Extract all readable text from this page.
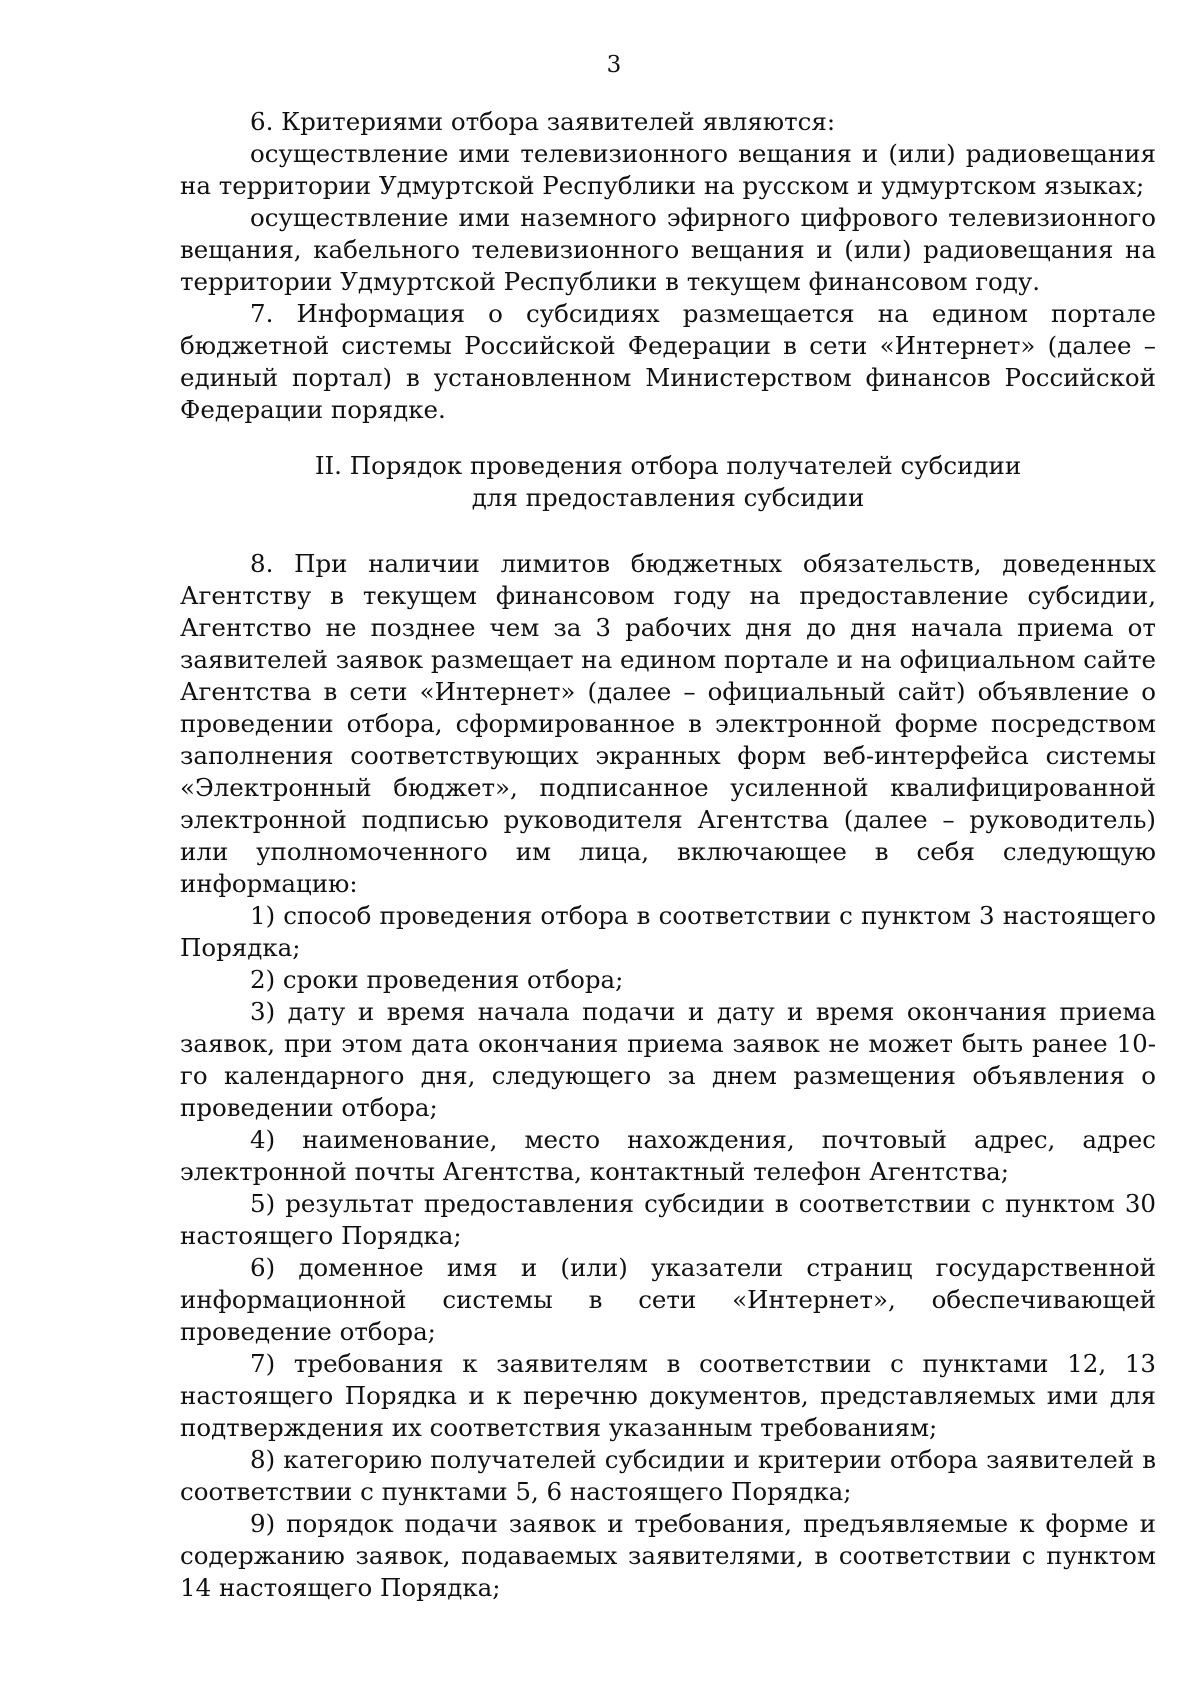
3

6. Критериями отбора заявителей являются:

осуществление ими телевизионного вещания и (или) радиовещания на территории Удмуртской Республики на русском и удмуртском языках;

осуществление ими наземного эфирного цифрового телевизионного вещания, кабельного телевизионного вещания и (или) радиовещания на территории Удмуртской Республики в текущем финансовом году.

7. Информация о субсидиях размещается на едином портале бюджетной системы Российской Федерации в сети «Интернет» (далее – единый портал) в установленном Министерством финансов Российской Федерации порядке.

II. Порядок проведения отбора получателей субсидии
для предоставления субсидии

8. При наличии лимитов бюджетных обязательств, доведенных Агентству в текущем финансовом году на предоставление субсидии, Агентство не позднее чем за 3 рабочих дня до дня начала приема от заявителей заявок размещает на едином портале и на официальном сайте Агентства в сети «Интернет» (далее – официальный сайт) объявление о проведении отбора, сформированное в электронной форме посредством заполнения соответствующих экранных форм веб-интерфейса системы «Электронный бюджет», подписанное усиленной квалифицированной электронной подписью руководителя Агентства (далее – руководитель) или уполномоченного им лица, включающее в себя следующую информацию:

1) способ проведения отбора в соответствии с пунктом 3 настоящего Порядка;

2) сроки проведения отбора;

3) дату и время начала подачи и дату и время окончания приема заявок, при этом дата окончания приема заявок не может быть ранее 10-го календарного дня, следующего за днем размещения объявления о проведении отбора;

4) наименование, место нахождения, почтовый адрес, адрес электронной почты Агентства, контактный телефон Агентства;

5) результат предоставления субсидии в соответствии с пунктом 30 настоящего Порядка;

6) доменное имя и (или) указатели страниц государственной информационной системы в сети «Интернет», обеспечивающей проведение отбора;

7) требования к заявителям в соответствии с пунктами 12, 13 настоящего Порядка и к перечню документов, представляемых ими для подтверждения их соответствия указанным требованиям;

8) категорию получателей субсидии и критерии отбора заявителей в соответствии с пунктами 5, 6 настоящего Порядка;

9) порядок подачи заявок и требования, предъявляемые к форме и содержанию заявок, подаваемых заявителями, в соответствии с пунктом 14 настоящего Порядка;
